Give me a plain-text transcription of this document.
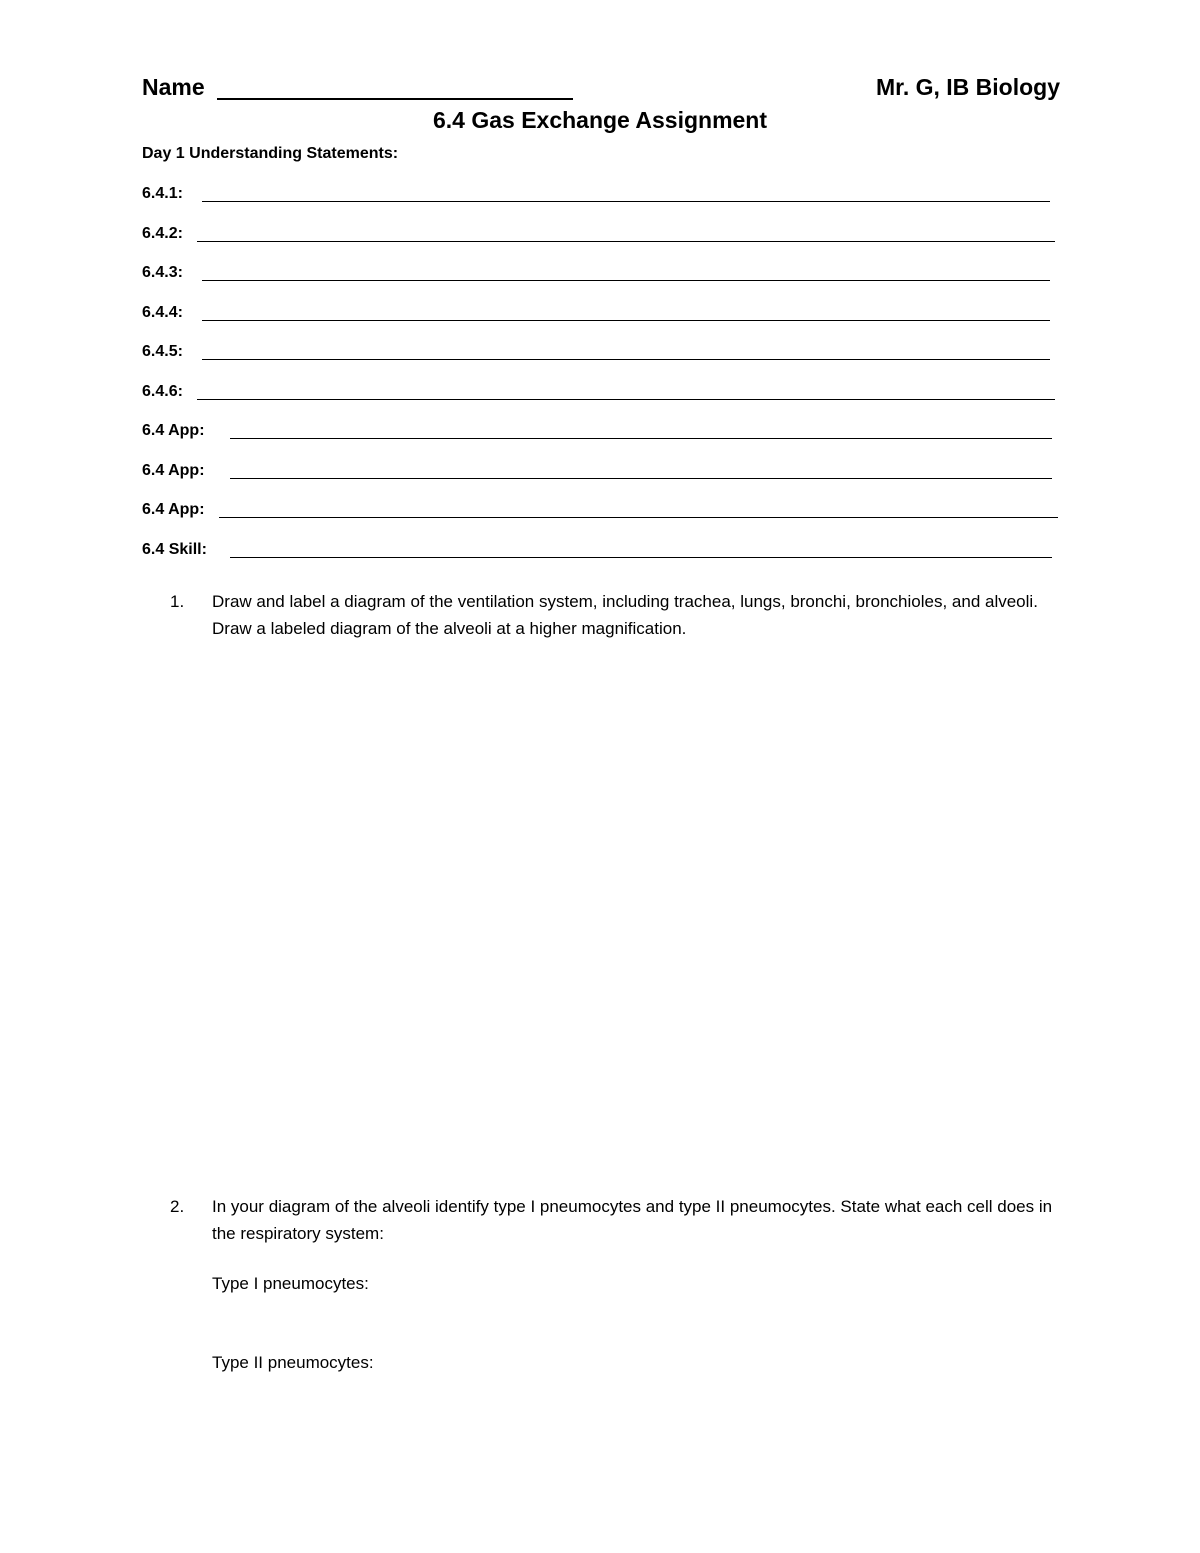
Name	Mr. G, IB Biology
6.4 Gas Exchange Assignment
Day 1 Understanding Statements:
6.4.1:
6.4.2:
6.4.3:
6.4.4:
6.4.5:
6.4.6:
6.4 App:
6.4 App:
6.4 App:
6.4 Skill:
1. Draw and label a diagram of the ventilation system, including trachea, lungs, bronchi, bronchioles, and alveoli. Draw a labeled diagram of the alveoli at a higher magnification.
2. In your diagram of the alveoli identify type I pneumocytes and type II pneumocytes. State what each cell does in the respiratory system:
Type I pneumocytes:
Type II pneumocytes:
